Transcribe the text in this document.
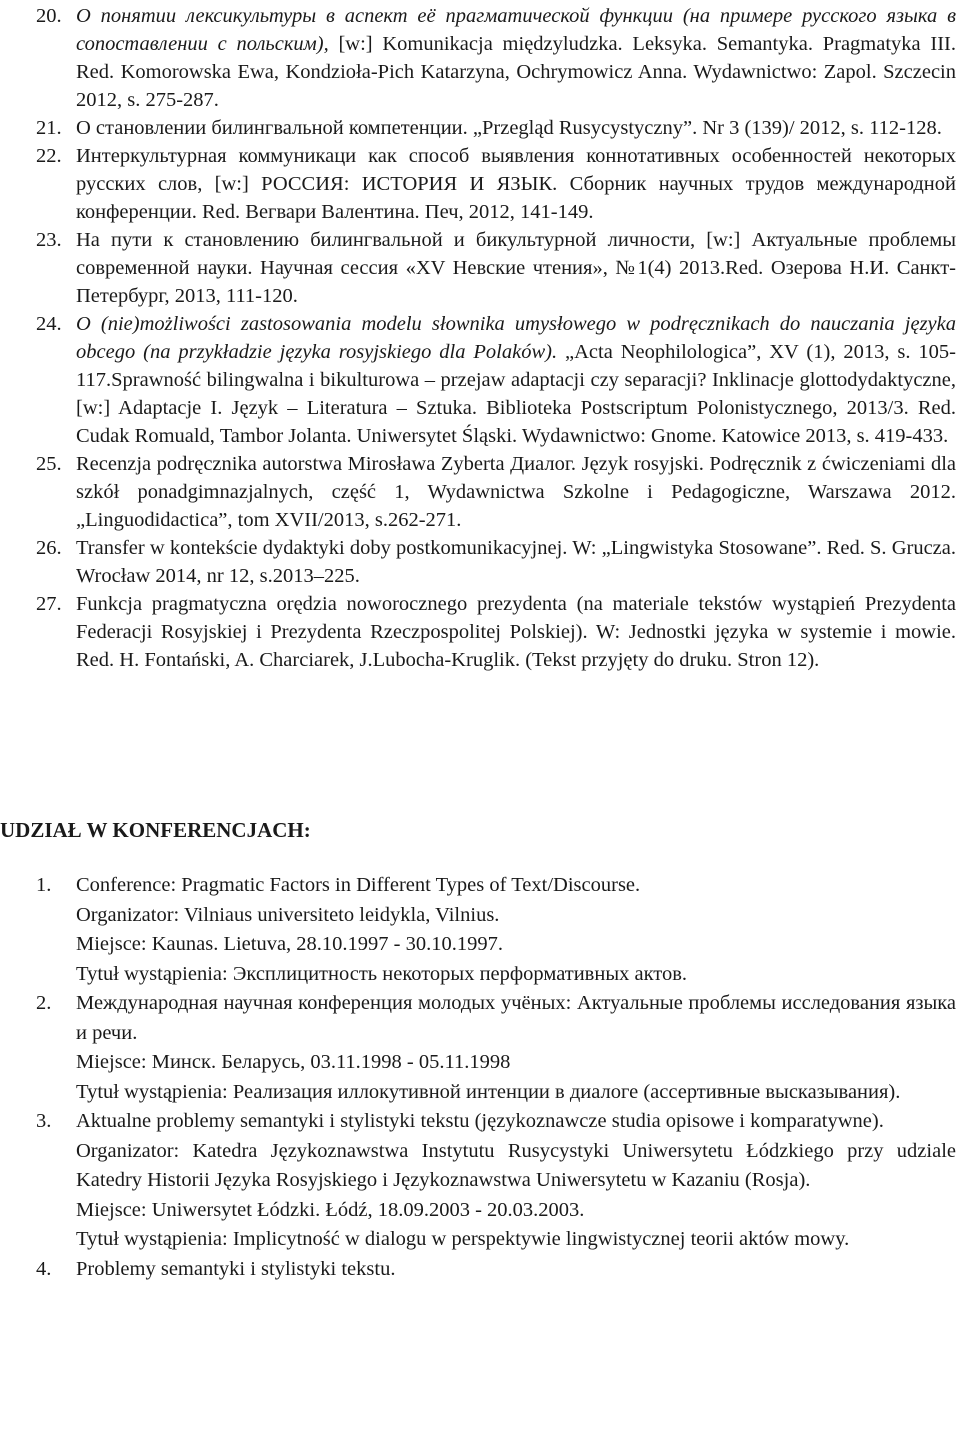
20. О понятии лексикультуры в аспект её прагматической функции (на примере русского языка в сопоставлении с польским), [w:] Komunikacja międzyludzka. Leksyka. Semantyka. Pragmatyka III. Red. Komorowska Ewa, Kondzioła-Pich Katarzyna, Ochrymowicz Anna. Wydawnictwo: Zapol. Szczecin 2012, s. 275-287.

21. О становлении билингвальной компетенции. „Przegląd Rusycystyczny”. Nr 3 (139)/ 2012, s. 112-128.

22. Интеркультурная коммуникаци как способ выявления коннотативных особенностей некоторых русских слов, [w:] РОССИЯ: ИСТОРИЯ И ЯЗЫК. Сборник научных трудов международной конференции. Red. Вегвари Валентина. Печ, 2012, 141-149.

23. На пути к становлению билингвальной и бикультурной личности, [w:] Актуальные проблемы современной науки. Научная сессия «XV Невские чтения», №1(4) 2013.Red. Озерова Н.И. Санкт-Петербург, 2013, 111-120.

24. O (nie)możliwości zastosowania modelu słownika umysłowego w podręcznikach do nauczania języka obcego (na przykładzie języka rosyjskiego dla Polaków). „Acta Neophilologica”, XV (1), 2013, s. 105-117.Sprawność bilingwalna i bikulturowa – przejaw adaptacji czy separacji? Inklinacje glottodydaktyczne, [w:] Adaptacje I. Język – Literatura – Sztuka. Biblioteka Postscriptum Polonistycznego, 2013/3. Red. Cudak Romuald, Tambor Jolanta. Uniwersytet Śląski. Wydawnictwo: Gnome. Katowice 2013, s. 419-433.

25. Recenzja podręcznika autorstwa Mirosława Zyberta Диалог. Język rosyjski. Podręcznik z ćwiczeniami dla szkół ponadgimnazjalnych, część 1, Wydawnictwa Szkolne i Pedagogiczne, Warszawa 2012. „Linguodidactica”, tom XVII/2013, s.262-271.

26. Transfer w kontekście dydaktyki doby postkomunikacyjnej. W: „Lingwistyka Stosowane”. Red. S. Grucza. Wrocław 2014, nr 12, s.2013–225.

27. Funkcja pragmatyczna orędzia noworocznego prezydenta (na materiale tekstów wystąpień Prezydenta Federacji Rosyjskiej i Prezydenta Rzeczpospolitej Polskiej). W: Jednostki języka w systemie i mowie. Red. H. Fontański, A. Charciarek, J.Lubocha-Kruglik. (Tekst przyjęty do druku. Stron 12).

UDZIAŁ W KONFERENCJACH:
1. Conference: Pragmatic Factors in Different Types of Text/Discourse.
Organizator: Vilniaus universiteto leidykla, Vilnius.
Miejsce: Kaunas. Lietuva, 28.10.1997 - 30.10.1997.
Tytuł wystąpienia: Эксплицитность некоторых перформативных актов.
2. Международная научная конференция молодых учёных: Актуальные проблемы исследования языка и речи.
Miejsce: Минск. Беларусь, 03.11.1998 - 05.11.1998
Tytuł wystąpienia: Реализация иллокутивной интенции в диалоге (ассертивные высказывания).
3. Aktualne problemy semantyki i stylistyki tekstu (językoznawcze studia opisowe i komparatywne).
Organizator: Katedra Językoznawstwa Instytutu Rusycystyki Uniwersytetu Łódzkiego przy udziale Katedry Historii Języka Rosyjskiego i Językoznawstwa Uniwersytetu w Kazaniu (Rosja).
Miejsce: Uniwersytet Łódzki. Łódź, 18.09.2003 - 20.03.2003.
Tytuł wystąpienia: Implicytność w dialogu w perspektywie lingwistycznej teorii aktów mowy.
4. Problemy semantyki i stylistyki tekstu.
